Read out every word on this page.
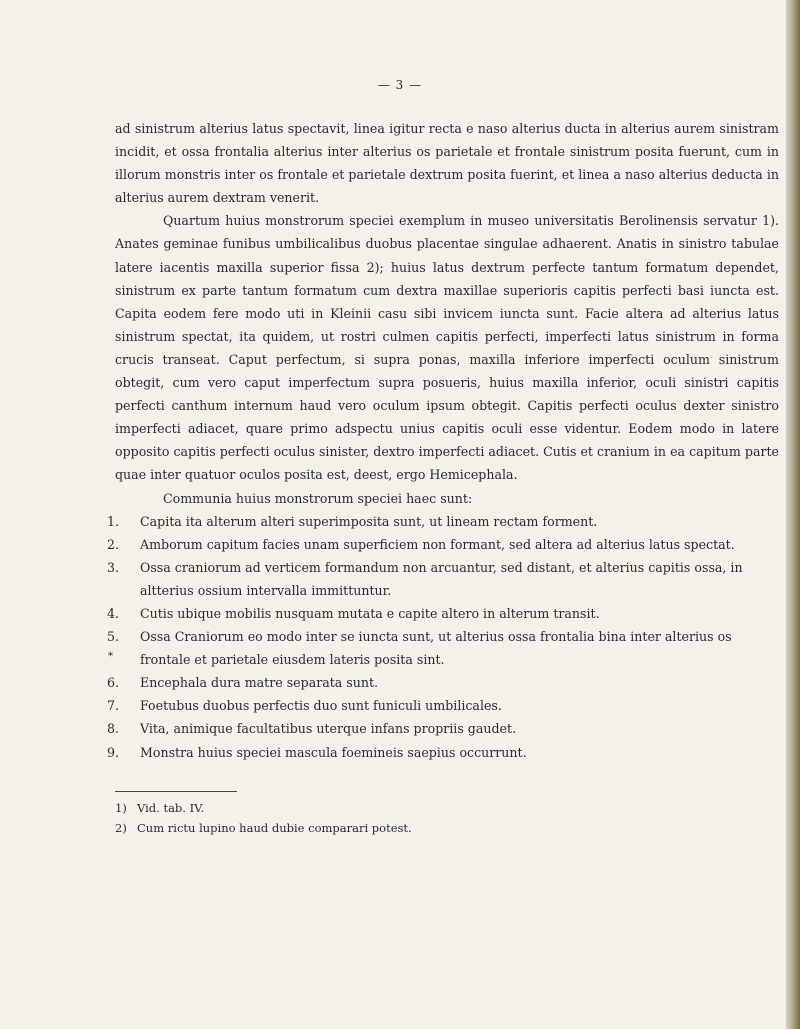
— 3 —

ad sinistrum alterius latus spectavit, linea igitur recta e naso alterius ducta in alterius aurem sinistram incidit, et ossa frontalia alterius inter alterius os parietale et frontale sinistrum posita fuerunt, cum in illorum monstris inter os frontale et parietale dextrum posita fuerint, et linea a naso alterius deducta in alterius aurem dextram venerit.

Quartum huius monstrorum speciei exemplum in museo universitatis Berolinensis servatur 1). Anates geminae funibus umbilicalibus duobus placentae singulae adhaerent. Anatis in sinistro tabulae latere iacentis maxilla superior fissa 2); huius latus dextrum perfecte tantum formatum dependet, sinistrum ex parte tantum formatum cum dextra maxillae superioris capitis perfecti basi iuncta est. Capita eodem fere modo uti in Kleinii casu sibi invicem iuncta sunt. Facie altera ad alterius latus sinistrum spectat, ita quidem, ut rostri culmen capitis perfecti, imperfecti latus sinistrum in forma crucis transeat. Caput perfectum, si supra ponas, maxilla inferiore imperfecti oculum sinistrum obtegit, cum vero caput imperfectum supra posueris, huius maxilla inferior, oculi sinistri capitis perfecti canthum internum haud vero oculum ipsum obtegit. Capitis perfecti oculus dexter sinistro imperfecti adiacet, quare primo adspectu unius capitis oculi esse videntur. Eodem modo in latere opposito capitis perfecti oculus sinister, dextro imperfecti adiacet. Cutis et cranium in ea capitum parte quae inter quatuor oculos posita est, deest, ergo Hemicephala.

Communia huius monstrorum speciei haec sunt:

1. Capita ita alterum alteri superimposita sunt, ut lineam rectam forment.
2. Amborum capitum facies unam superficiem non formant, sed altera ad alterius latus spectat.
3. Ossa craniorum ad verticem formandum non arcuantur, sed distant, et alterius capitis ossa, in altterius ossium intervalla immittuntur.
4. Cutis ubique mobilis nusquam mutata e capite altero in alterum transit.
5.
*
Ossa Craniorum eo modo inter se iuncta sunt, ut alterius ossa frontalia bina inter alterius os frontale et parietale eiusdem lateris posita sint.
6. Encephala dura matre separata sunt.
7. Foetubus duobus perfectis duo sunt funiculi umbilicales.
8. Vita, animique facultatibus uterque infans propriis gaudet.
9. Monstra huius speciei mascula foemineis saepius occurrunt.
1) Vid. tab. IV.
2) Cum rictu lupino haud dubie comparari potest.
